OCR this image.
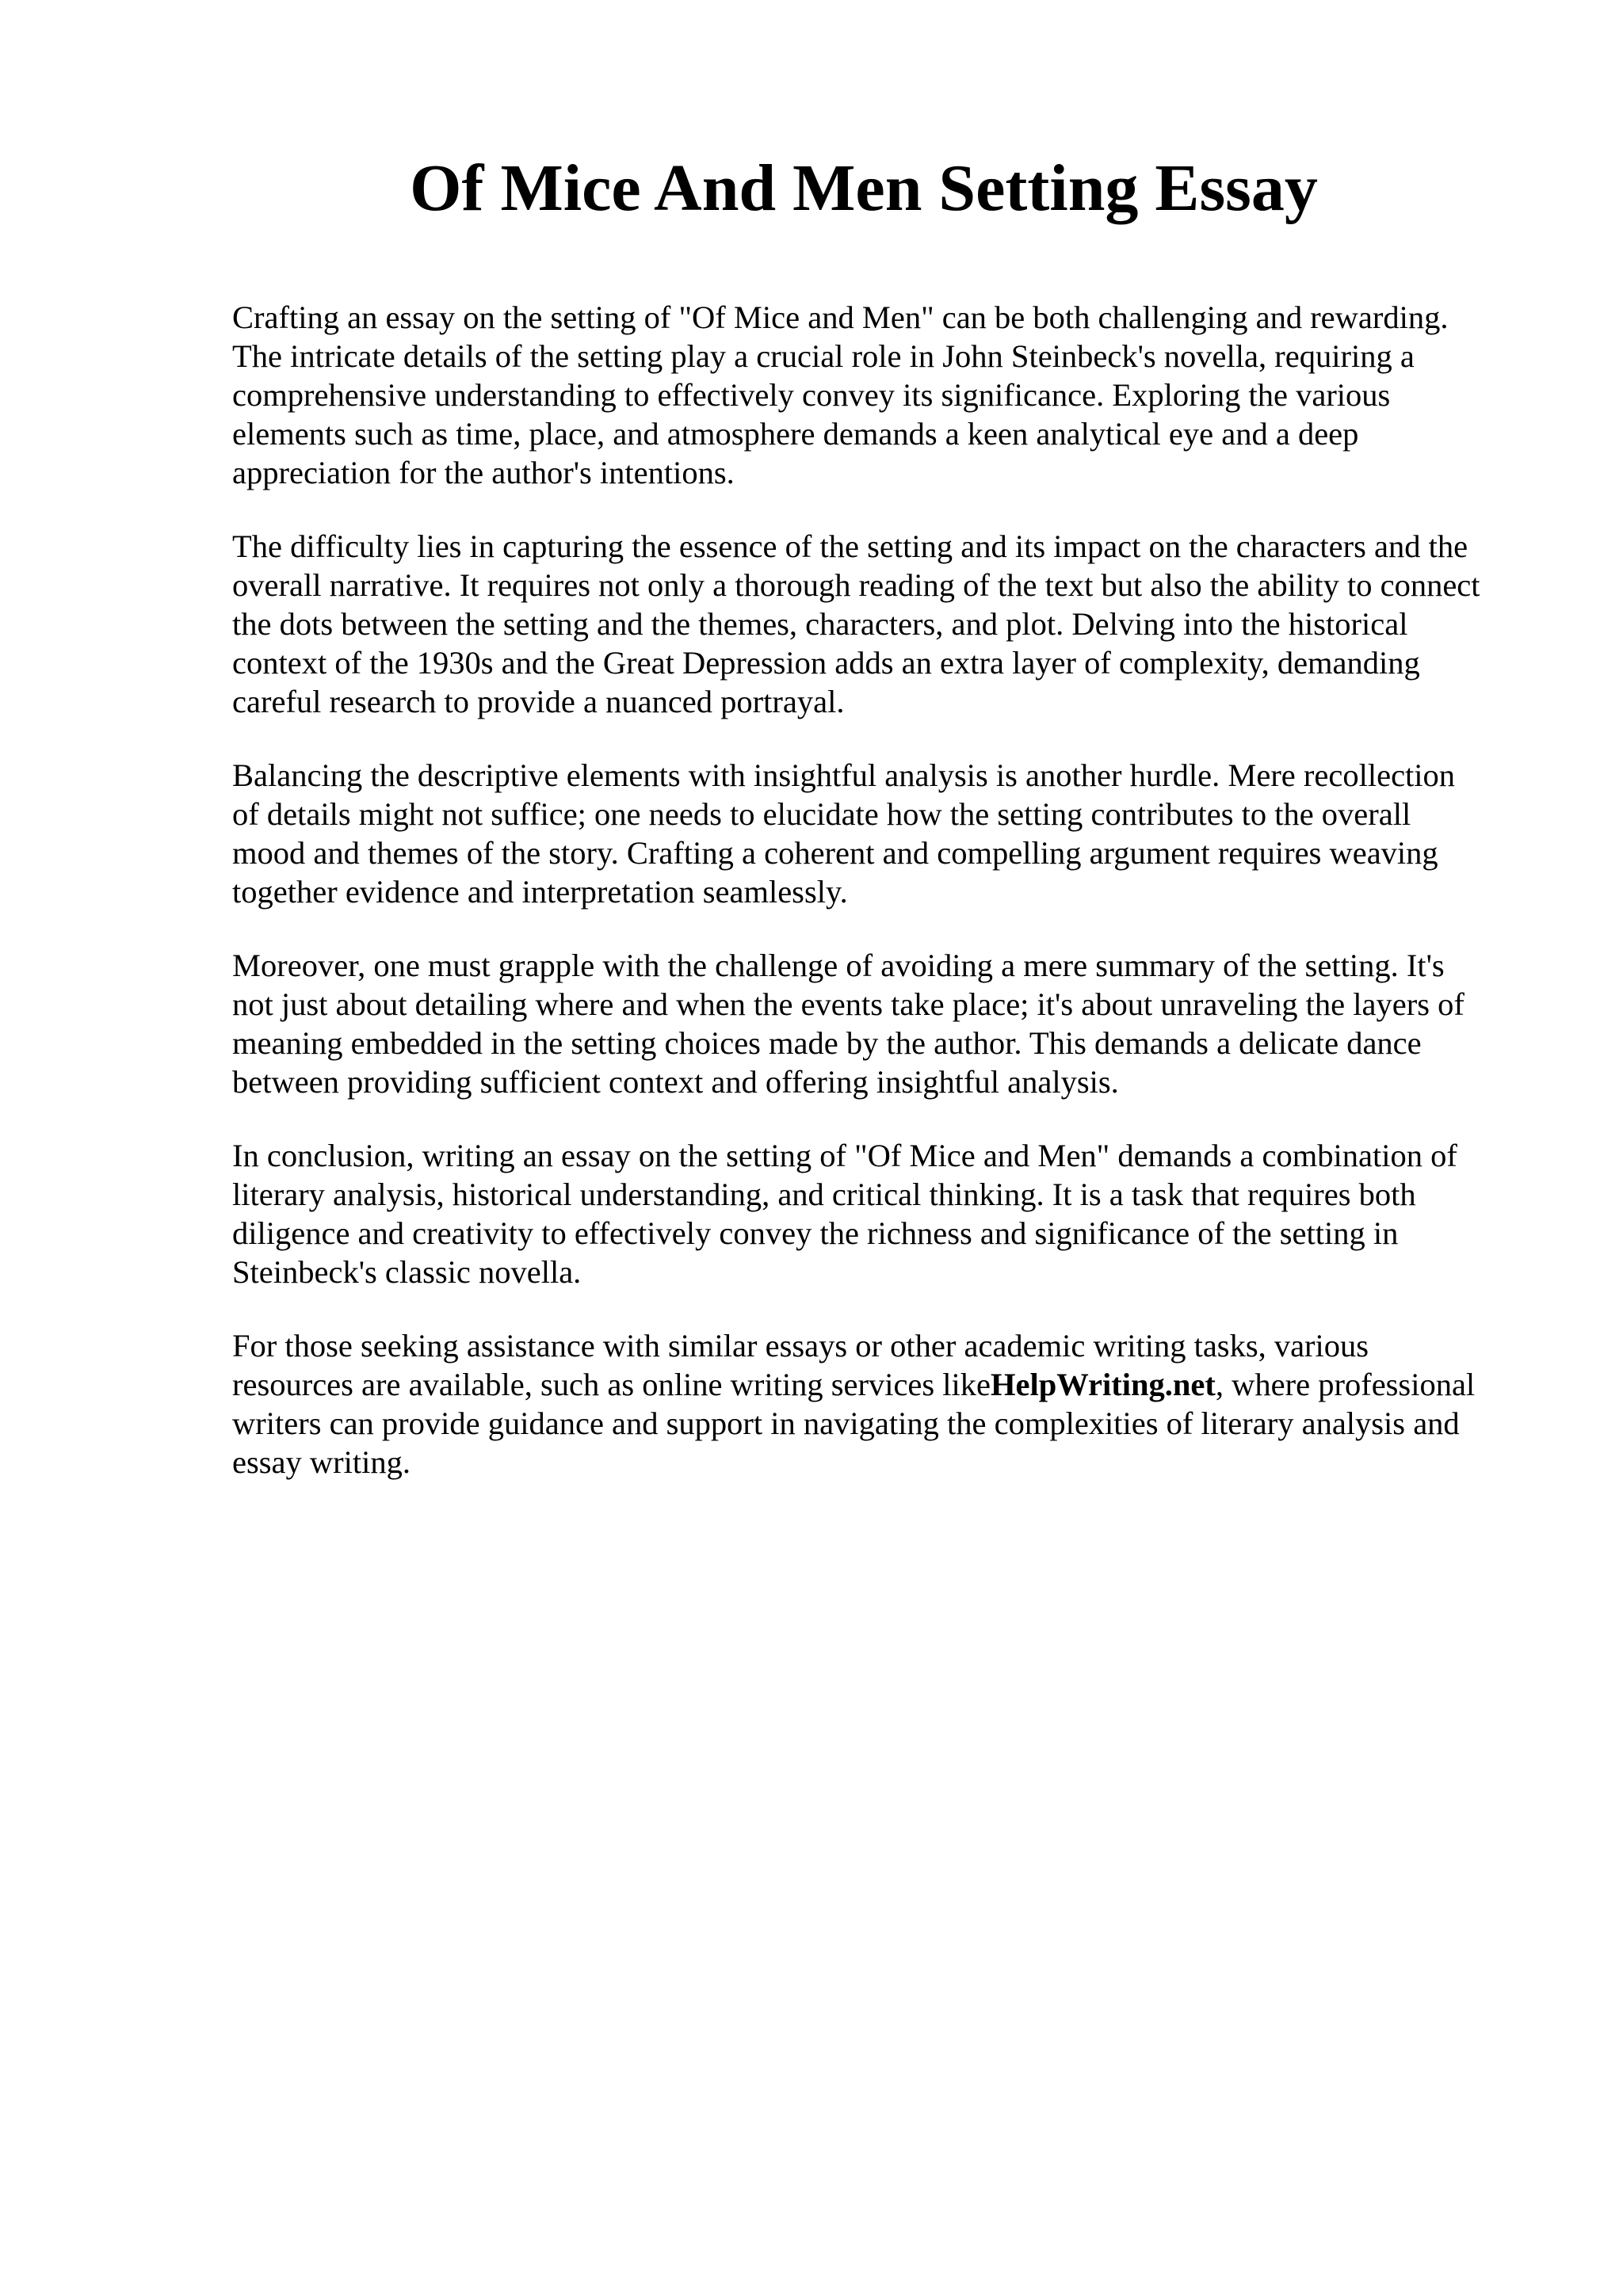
Of Mice And Men Setting Essay

Crafting an essay on the setting of "Of Mice and Men" can be both challenging and rewarding.
The intricate details of the setting play a crucial role in John Steinbeck's novella, requiring a
comprehensive understanding to effectively convey its significance. Exploring the various
elements such as time, place, and atmosphere demands a keen analytical eye and a deep
appreciation for the author's intentions.

The difficulty lies in capturing the essence of the setting and its impact on the characters and the
overall narrative. It requires not only a thorough reading of the text but also the ability to connect
the dots between the setting and the themes, characters, and plot. Delving into the historical
context of the 1930s and the Great Depression adds an extra layer of complexity, demanding
careful research to provide a nuanced portrayal.

Balancing the descriptive elements with insightful analysis is another hurdle. Mere recollection
of details might not suffice; one needs to elucidate how the setting contributes to the overall
mood and themes of the story. Crafting a coherent and compelling argument requires weaving
together evidence and interpretation seamlessly.

Moreover, one must grapple with the challenge of avoiding a mere summary of the setting. It's
not just about detailing where and when the events take place; it's about unraveling the layers of
meaning embedded in the setting choices made by the author. This demands a delicate dance
between providing sufficient context and offering insightful analysis.

In conclusion, writing an essay on the setting of "Of Mice and Men" demands a combination of
literary analysis, historical understanding, and critical thinking. It is a task that requires both
diligence and creativity to effectively convey the richness and significance of the setting in
Steinbeck's classic novella.

For those seeking assistance with similar essays or other academic writing tasks, various
resources are available, such as online writing services likeHelpWriting.net, where professional
writers can provide guidance and support in navigating the complexities of literary analysis and
essay writing.
